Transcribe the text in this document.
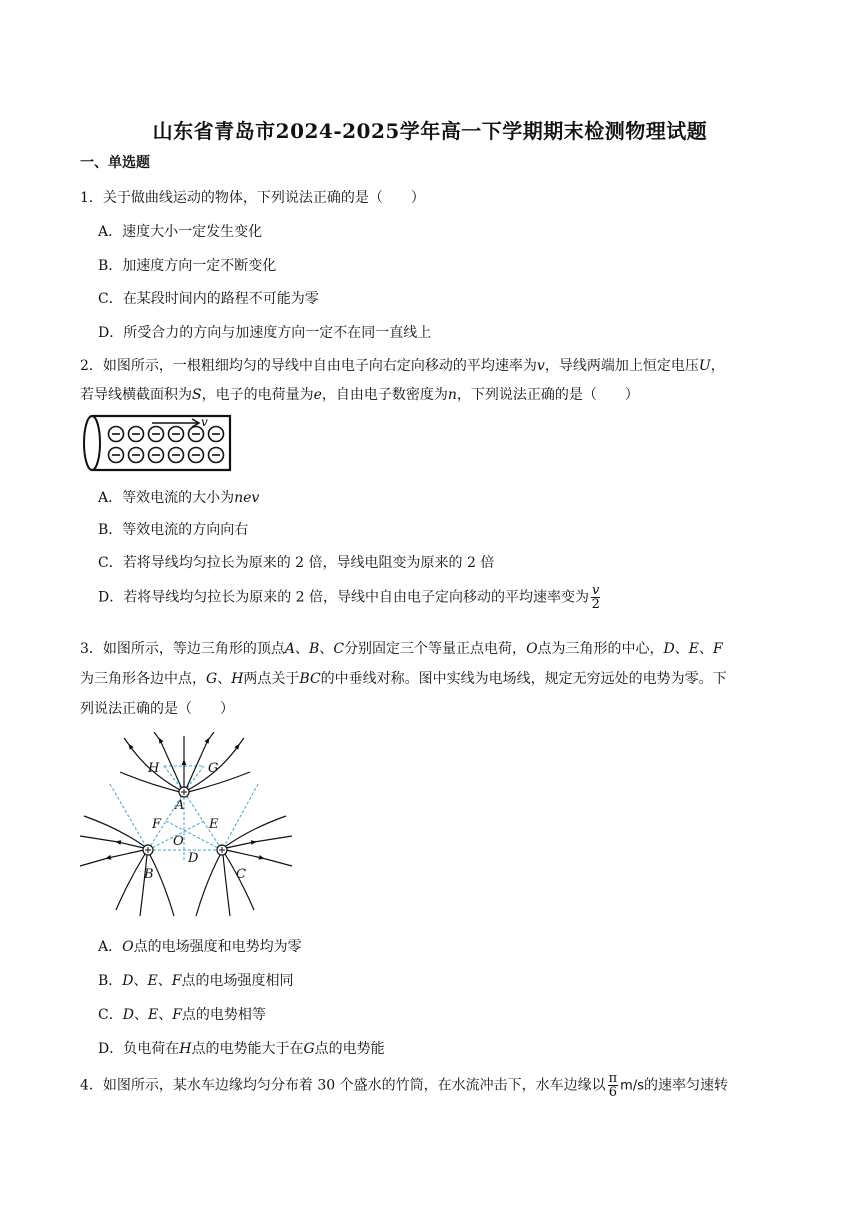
山东省青岛市2024-2025学年高一下学期期末检测物理试题
一、单选题
1．关于做曲线运动的物体，下列说法正确的是（　　）
A．速度大小一定发生变化
B．加速度方向一定不断变化
C．在某段时间内的路程不可能为零
D．所受合力的方向与加速度方向一定不在同一直线上
2．如图所示，一根粗细均匀的导线中自由电子向右定向移动的平均速率为v，导线两端加上恒定电压U，
若导线横截面积为S，电子的电荷量为e，自由电子数密度为n，下列说法正确的是（　　）
v
A．等效电流的大小为nev
B．等效电流的方向向右
C．若将导线均匀拉长为原来的 2 倍，导线电阻变为原来的 2 倍
D．若将导线均匀拉长为原来的 2 倍，导线中自由电子定向移动的平均速率变为 $\frac{v}{2}$
3．如图所示，等边三角形的顶点A、B、C分别固定三个等量正点电荷，O点为三角形的中心，D、E、F
为三角形各边中点，G、H两点关于BC的中垂线对称。图中实线为电场线，规定无穷远处的电势为零。下
列说法正确的是（　　）
H	G
A
F	E
O
D
B	C
A．O点的电场强度和电势均为零
B．D、E、F点的电场强度相同
C．D、E、F点的电势相等
D．负电荷在H点的电势能大于在G点的电势能
4．如图所示，某水车边缘均匀分布着 30 个盛水的竹筒，在水流冲击下，水车边缘以 $\frac{\pi}{6} m/s$的速率匀速转
